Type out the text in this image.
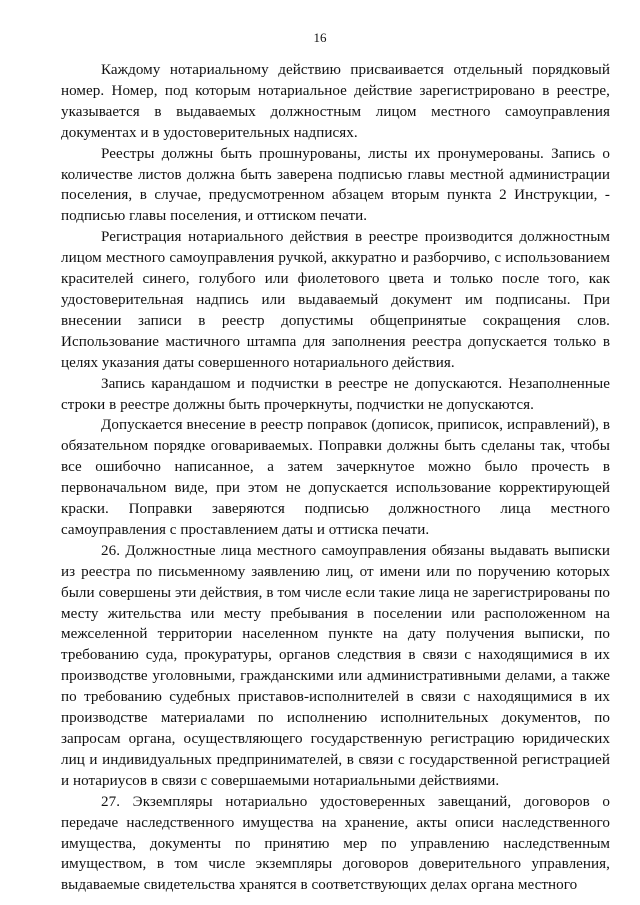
16

Каждому нотариальному действию присваивается отдельный порядковый номер. Номер, под которым нотариальное действие зарегистрировано в реестре, указывается в выдаваемых должностным лицом местного самоуправления документах и в удостоверительных надписях.

Реестры должны быть прошнурованы, листы их пронумерованы. Запись о количестве листов должна быть заверена подписью главы местной администрации поселения, в случае, предусмотренном абзацем вторым пункта 2 Инструкции, - подписью главы поселения, и оттиском печати.

Регистрация нотариального действия в реестре производится должностным лицом местного самоуправления ручкой, аккуратно и разборчиво, с использованием красителей синего, голубого или фиолетового цвета и только после того, как удостоверительная надпись или выдаваемый документ им подписаны. При внесении записи в реестр допустимы общепринятые сокращения слов. Использование мастичного штампа для заполнения реестра допускается только в целях указания даты совершенного нотариального действия.

Запись карандашом и подчистки в реестре не допускаются. Незаполненные строки в реестре должны быть прочеркнуты, подчистки не допускаются.

Допускается внесение в реестр поправок (дописок, приписок, исправлений), в обязательном порядке оговариваемых. Поправки должны быть сделаны так, чтобы все ошибочно написанное, а затем зачеркнутое можно было прочесть в первоначальном виде, при этом не допускается использование корректирующей краски. Поправки заверяются подписью должностного лица местного самоуправления с проставлением даты и оттиска печати.

26. Должностные лица местного самоуправления обязаны выдавать выписки из реестра по письменному заявлению лиц, от имени или по поручению которых были совершены эти действия, в том числе если такие лица не зарегистрированы по месту жительства или месту пребывания в поселении или расположенном на межселенной территории населенном пункте на дату получения выписки, по требованию суда, прокуратуры, органов следствия в связи с находящимися в их производстве уголовными, гражданскими или административными делами, а также по требованию судебных приставов-исполнителей в связи с находящимися в их производстве материалами по исполнению исполнительных документов, по запросам органа, осуществляющего государственную регистрацию юридических лиц и индивидуальных предпринимателей, в связи с государственной регистрацией и нотариусов в связи с совершаемыми нотариальными действиями.

27. Экземпляры нотариально удостоверенных завещаний, договоров о передаче наследственного имущества на хранение, акты описи наследственного имущества, документы по принятию мер по управлению наследственным имуществом, в том числе экземпляры договоров доверительного управления, выдаваемые свидетельства хранятся в соответствующих делах органа местного
